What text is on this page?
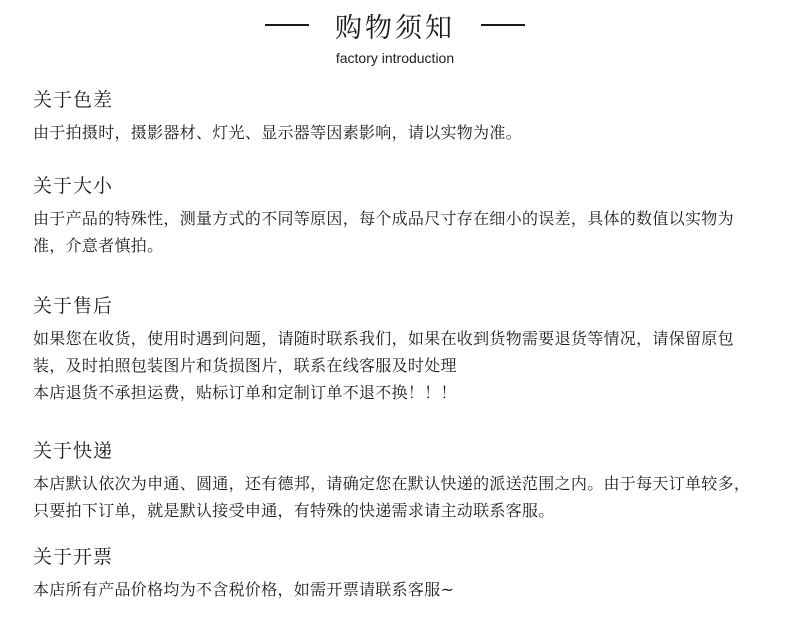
购物须知
factory introduction
关于色差

由于拍摄时，摄影器材、灯光、显示器等因素影响，请以实物为准。

关于大小

由于产品的特殊性，测量方式的不同等原因，每个成品尺寸存在细小的误差，具体的数值以实物为准，介意者慎拍。

关于售后

如果您在收货，使用时遇到问题，请随时联系我们，如果在收到货物需要退货等情况，请保留原包装，及时拍照包装图片和货损图片，联系在线客服及时处理

本店退货不承担运费，贴标订单和定制订单不退不换！！！

关于快递

本店默认依次为申通、圆通，还有德邦，请确定您在默认快递的派送范围之内。由于每天订单较多，只要拍下订单，就是默认接受申通，有特殊的快递需求请主动联系客服。

关于开票

本店所有产品价格均为不含税价格，如需开票请联系客服~
